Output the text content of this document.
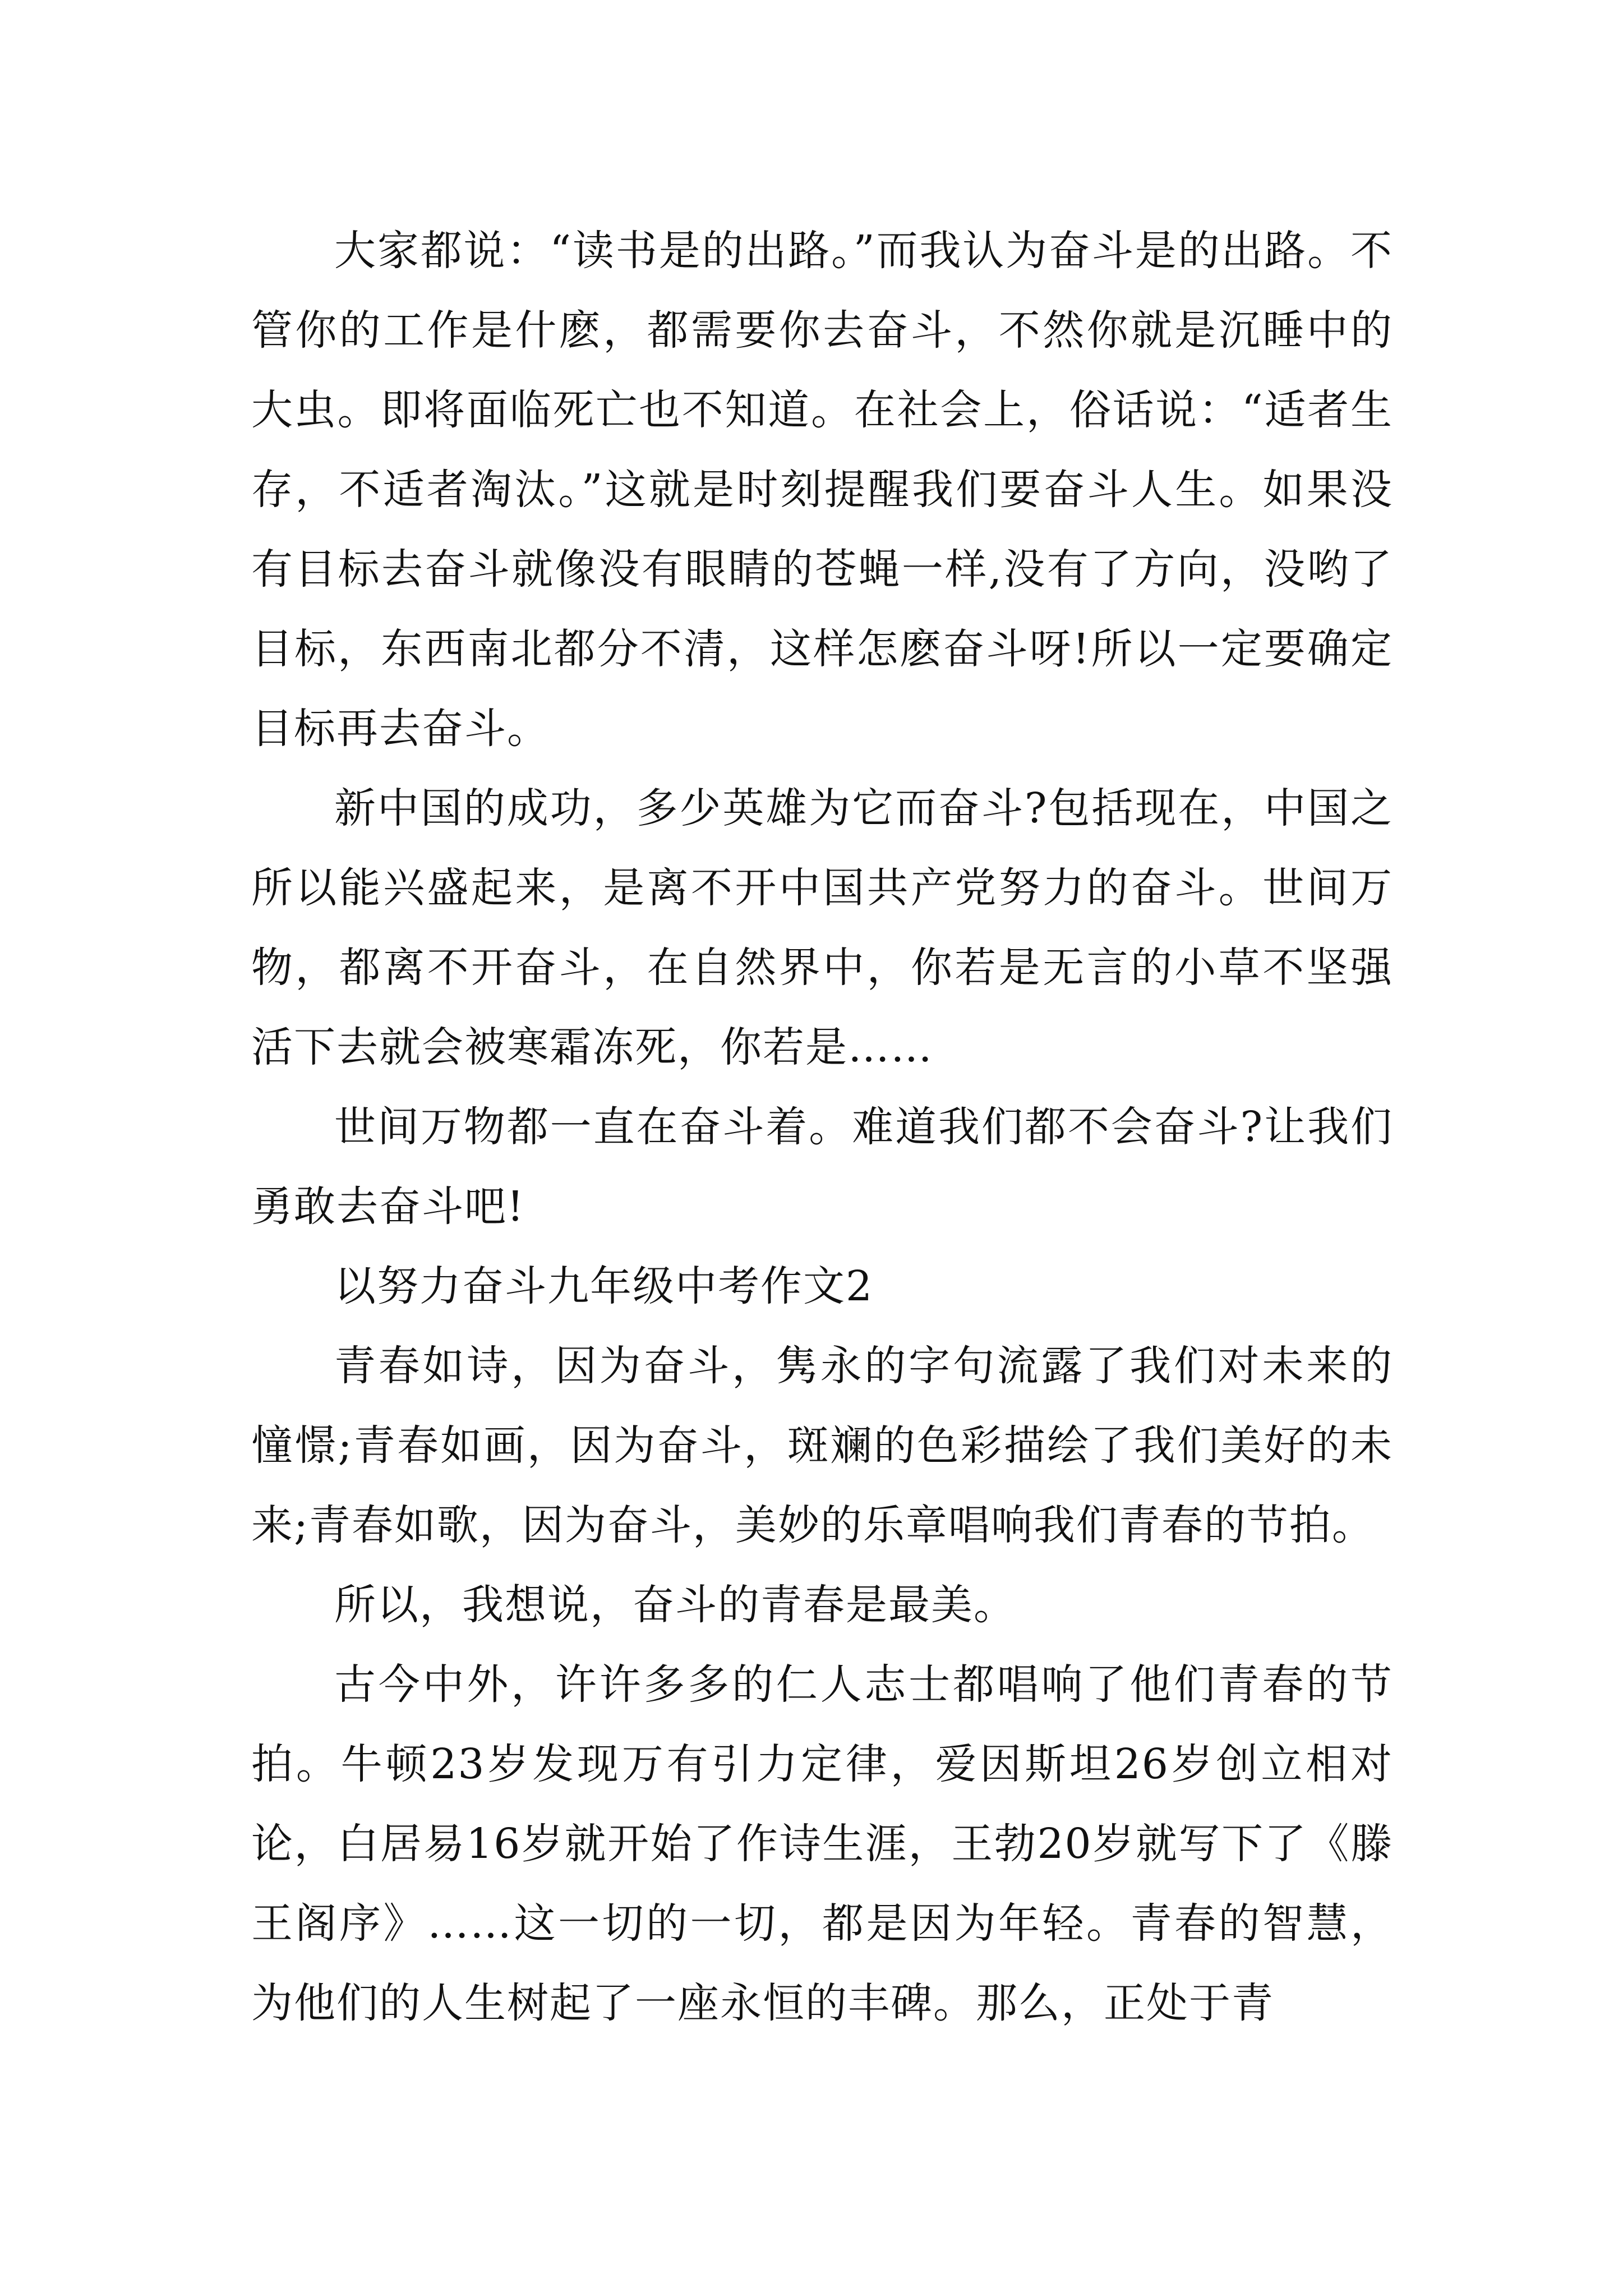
大家都说：“读书是的出路。”而我认为奋斗是的出路。不管你的工作是什麽，都需要你去奋斗，不然你就是沉睡中的大虫。即将面临死亡也不知道。在社会上，俗话说：“适者生存，不适者淘汰。”这就是时刻提醒我们要奋斗人生。如果没有目标去奋斗就像没有眼睛的苍蝇一样,没有了方向，没哟了目标，东西南北都分不清，这样怎麽奋斗呀!所以一定要确定目标再去奋斗。

新中国的成功，多少英雄为它而奋斗?包括现在，中国之所以能兴盛起来，是离不开中国共产党努力的奋斗。世间万物，都离不开奋斗，在自然界中，你若是无言的小草不坚强活下去就会被寒霜冻死，你若是……

世间万物都一直在奋斗着。难道我们都不会奋斗?让我们勇敢去奋斗吧!

以努力奋斗九年级中考作文2

青春如诗，因为奋斗，隽永的字句流露了我们对未来的憧憬;青春如画，因为奋斗，斑斓的色彩描绘了我们美好的未来;青春如歌，因为奋斗，美妙的乐章唱响我们青春的节拍。

所以，我想说，奋斗的青春是最美。

古今中外，许许多多的仁人志士都唱响了他们青春的节拍。牛顿23岁发现万有引力定律，爱因斯坦26岁创立相对论，白居易16岁就开始了作诗生涯，王勃20岁就写下了《滕王阁序》……这一切的一切，都是因为年轻。青春的智慧，为他们的人生树起了一座永恒的丰碑。那么，正处于青
